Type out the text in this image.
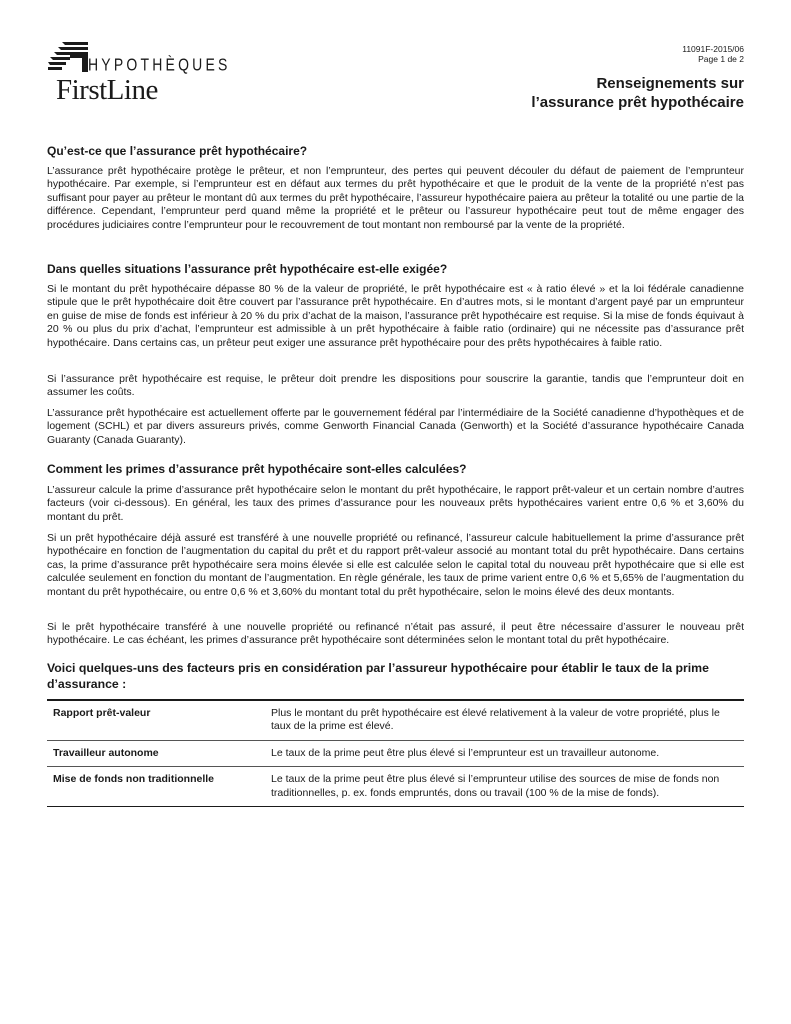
HYPOTHÈQUES
FirstLine
11091F-2015/06
Page 1 de 2
Renseignements sur
l’assurance prêt hypothécaire
Qu’est-ce que l’assurance prêt hypothécaire?

L’assurance prêt hypothécaire protège le prêteur, et non l’emprunteur, des pertes qui peuvent découler du défaut de paiement de l’emprunteur hypothécaire. Par exemple, si l’emprunteur est en défaut aux termes du prêt hypothécaire et que le produit de la vente de la propriété n’est pas suffisant pour payer au prêteur le montant dû aux termes du prêt hypothécaire, l’assureur hypothécaire paiera au prêteur la totalité ou une partie de la différence. Cependant, l’emprunteur perd quand même la propriété et le prêteur ou l’assureur hypothécaire peut tout de même engager des procédures judiciaires contre l’emprunteur pour le recouvrement de tout montant non remboursé par la vente de la propriété.

Dans quelles situations l’assurance prêt hypothécaire est-elle exigée?

Si le montant du prêt hypothécaire dépasse 80 % de la valeur de propriété, le prêt hypothécaire est « à ratio élevé » et la loi fédérale canadienne stipule que le prêt hypothécaire doit être couvert par l’assurance prêt hypothécaire. En d’autres mots, si le montant d’argent payé par un emprunteur en guise de mise de fonds est inférieur à 20 % du prix d’achat de la maison, l’assurance prêt hypothécaire est requise. Si la mise de fonds équivaut à 20 % ou plus du prix d’achat, l’emprunteur est admissible à un prêt hypothécaire à faible ratio (ordinaire) qui ne nécessite pas d’assurance prêt hypothécaire. Dans certains cas, un prêteur peut exiger une assurance prêt hypothécaire pour des prêts hypothécaires à faible ratio.

Si l’assurance prêt hypothécaire est requise, le prêteur doit prendre les dispositions pour souscrire la garantie, tandis que l’emprunteur doit en assumer les coûts.

L’assurance prêt hypothécaire est actuellement offerte par le gouvernement fédéral par l’intermédiaire de la Société canadienne d’hypothèques et de logement (SCHL) et par divers assureurs privés, comme Genworth Financial Canada (Genworth) et la Société d’assurance hypothécaire Canada Guaranty (Canada Guaranty).

Comment les primes d’assurance prêt hypothécaire sont-elles calculées?

L’assureur calcule la prime d’assurance prêt hypothécaire selon le montant du prêt hypothécaire, le rapport prêt-valeur et un certain nombre d’autres facteurs (voir ci-dessous). En général, les taux des primes d’assurance pour les nouveaux prêts hypothécaires varient entre 0,6 % et 3,60% du montant du prêt.

Si un prêt hypothécaire déjà assuré est transféré à une nouvelle propriété ou refinancé, l’assureur calcule habituellement la prime d’assurance prêt hypothécaire en fonction de l’augmentation du capital du prêt et du rapport prêt-valeur associé au montant total du prêt hypothécaire. Dans certains cas, la prime d’assurance prêt hypothécaire sera moins élevée si elle est calculée selon le capital total du nouveau prêt hypothécaire que si elle est calculée seulement en fonction du montant de l’augmentation. En règle générale, les taux de prime varient entre 0,6 % et 5,65% de l’augmentation du montant du prêt hypothécaire, ou entre 0,6 % et 3,60% du montant total du prêt hypothécaire, selon le moins élevé des deux montants.

Si le prêt hypothécaire transféré à une nouvelle propriété ou refinancé n’était pas assuré, il peut être nécessaire d’assurer le nouveau prêt hypothécaire. Le cas échéant, les primes d’assurance prêt hypothécaire sont déterminées selon le montant total du prêt hypothécaire.

Voici quelques-uns des facteurs pris en considération par l’assureur hypothécaire pour établir le taux de la prime d’assurance :
Rapport prêt-valeur	Plus le montant du prêt hypothécaire est élevé relativement à la valeur de votre propriété, plus le taux de la prime est élevé.
Travailleur autonome	Le taux de la prime peut être plus élevé si l’emprunteur est un travailleur autonome.
Mise de fonds non traditionnelle	Le taux de la prime peut être plus élevé si l’emprunteur utilise des sources de mise de fonds non traditionnelles, p. ex. fonds empruntés, dons ou travail (100 % de la mise de fonds).
